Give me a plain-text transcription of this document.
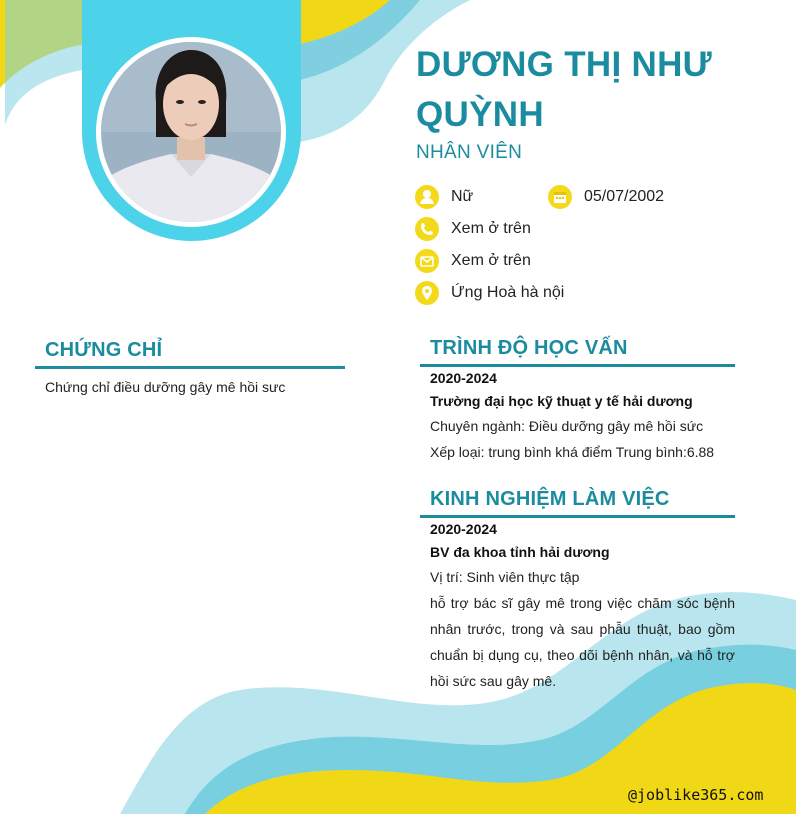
DƯƠNG THỊ NHƯ QUỲNH
NHÂN VIÊN
Nữ	05/07/2002
Xem ở trên
Xem ở trên
Ứng Hoà hà nội
CHỨNG CHỈ
Chứng chỉ điều dưỡng gây mê hồi sưc
TRÌNH ĐỘ HỌC VẤN
2020-2024
Trường đại học kỹ thuạt y tế hải dương
Chuyên ngành: Điều dưỡng gây mê hồi sức
Xếp loại: trung bình khá điểm Trung bình:6.88
KINH NGHIỆM LÀM VIỆC
2020-2024
BV đa khoa tỉnh hải dương
Vị trí: Sinh viên thực tập

hỗ trợ bác sĩ gây mê trong việc chăm sóc bệnh nhân trước, trong và sau phẫu thuật, bao gồm chuẩn bị dụng cụ, theo dõi bệnh nhân, và hỗ trợ hồi sức sau gây mê.

@joblike365.com
